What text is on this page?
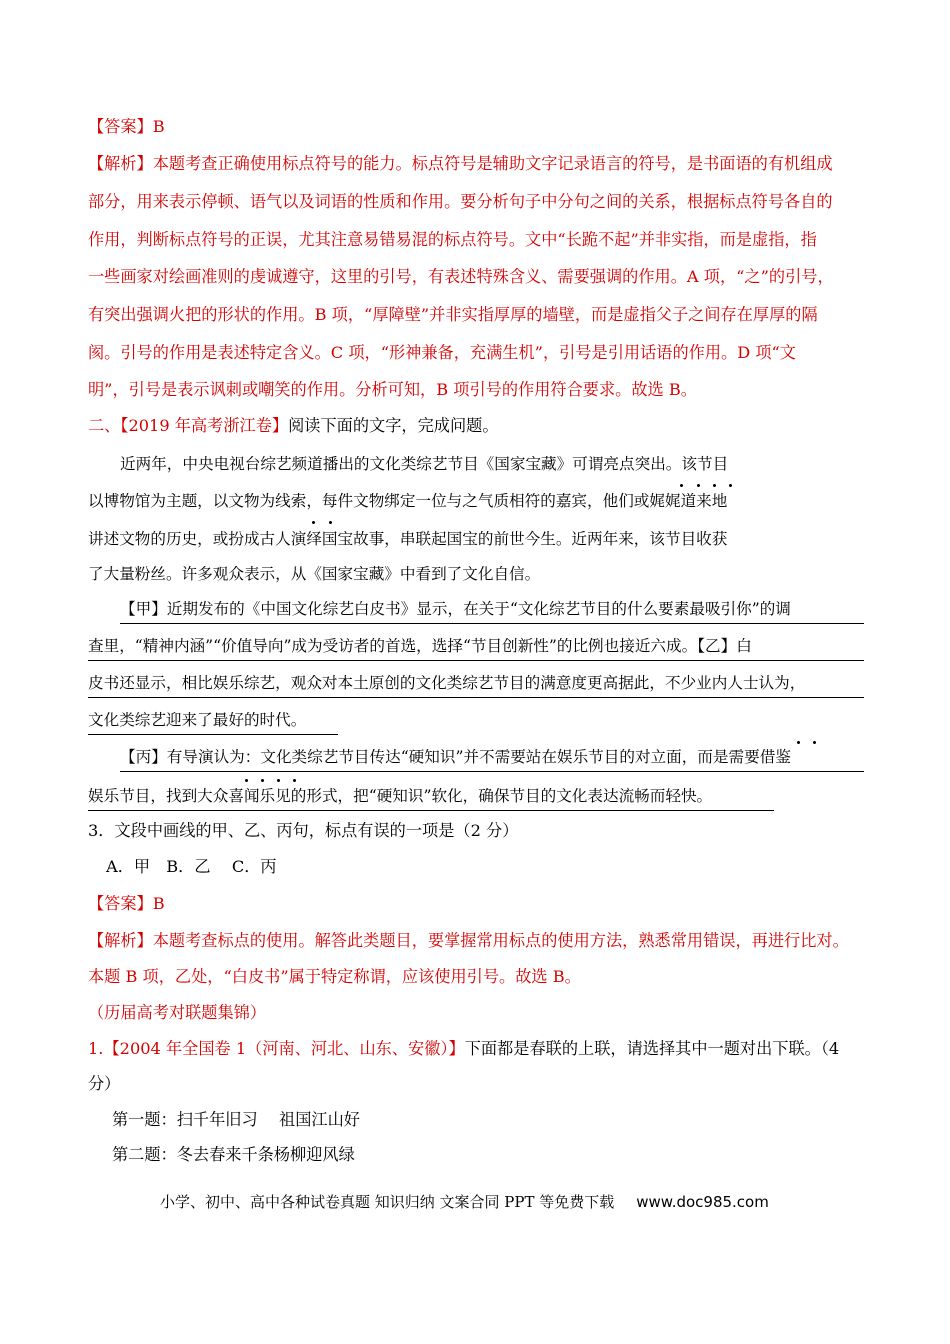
【答案】B
【解析】本题考查正确使用标点符号的能力。标点符号是辅助文字记录语言的符号，是书面语的有机组成
部分，用来表示停顿、语气以及词语的性质和作用。要分析句子中分句之间的关系，根据标点符号各自的
作用，判断标点符号的正误，尤其注意易错易混的标点符号。文中“长跪不起”并非实指，而是虚指，指
一些画家对绘画准则的虔诚遵守，这里的引号，有表述特殊含义、需要强调的作用。A 项，“之”的引号，
有突出强调火把的形状的作用。B 项，“厚障壁”并非实指厚厚的墙壁，而是虚指父子之间存在厚厚的隔
阂。引号的作用是表述特定含义。C 项，“形神兼备，充满生机”，引号是引用话语的作用。D 项“文
明”，引号是表示讽刺或嘲笑的作用。分析可知，B 项引号的作用符合要求。故选 B。
二、【2019 年高考浙江卷】阅读下面的文字，完成问题。
近两年，中央电视台综艺频道播出的文化类综艺节目《国家宝藏》可谓亮点突出。该节目
以博物馆为主题，以文物为线索，每件文物绑定一位与之气质相符的嘉宾，他们或娓娓道来地
讲述文物的历史，或扮成古人演绎国宝故事，串联起国宝的前世今生。近两年来，该节目收获
了大量粉丝。许多观众表示，从《国家宝藏》中看到了文化自信。
【甲】近期发布的《中国文化综艺白皮书》显示，在关于“文化综艺节目的什么要素最吸引你”的调
查里，“精神内涵”“价值导向”成为受访者的首选，选择“节目创新性”的比例也接近六成。【乙】白
皮书还显示，相比娱乐综艺，观众对本土原创的文化类综艺节目的满意度更高据此，不少业内人士认为，
文化类综艺迎来了最好的时代。
【丙】有导演认为：文化类综艺节目传达“硬知识”并不需要站在娱乐节目的对立面，而是需要借鉴
娱乐节目，找到大众喜闻乐见的形式，把“硬知识”软化，确保节目的文化表达流畅而轻快。
3．文段中画线的甲、乙、丙句，标点有误的一项是（2 分）
A．甲　B．乙　 C．丙
【答案】B
【解析】本题考查标点的使用。解答此类题目，要掌握常用标点的使用方法，熟悉常用错误，再进行比对。
本题 B 项，乙处，“白皮书”属于特定称谓，应该使用引号。故选 B。
（历届高考对联题集锦）
1.【2004 年全国卷 1（河南、河北、山东、安徽）】下面都是春联的上联，请选择其中一题对出下联。（4
分）
第一题：扫千年旧习　 祖国江山好
第二题：冬去春来千条杨柳迎风绿
小学、初中、高中各种试卷真题 知识归纳 文案合同 PPT 等免费下载 www.doc985.com
